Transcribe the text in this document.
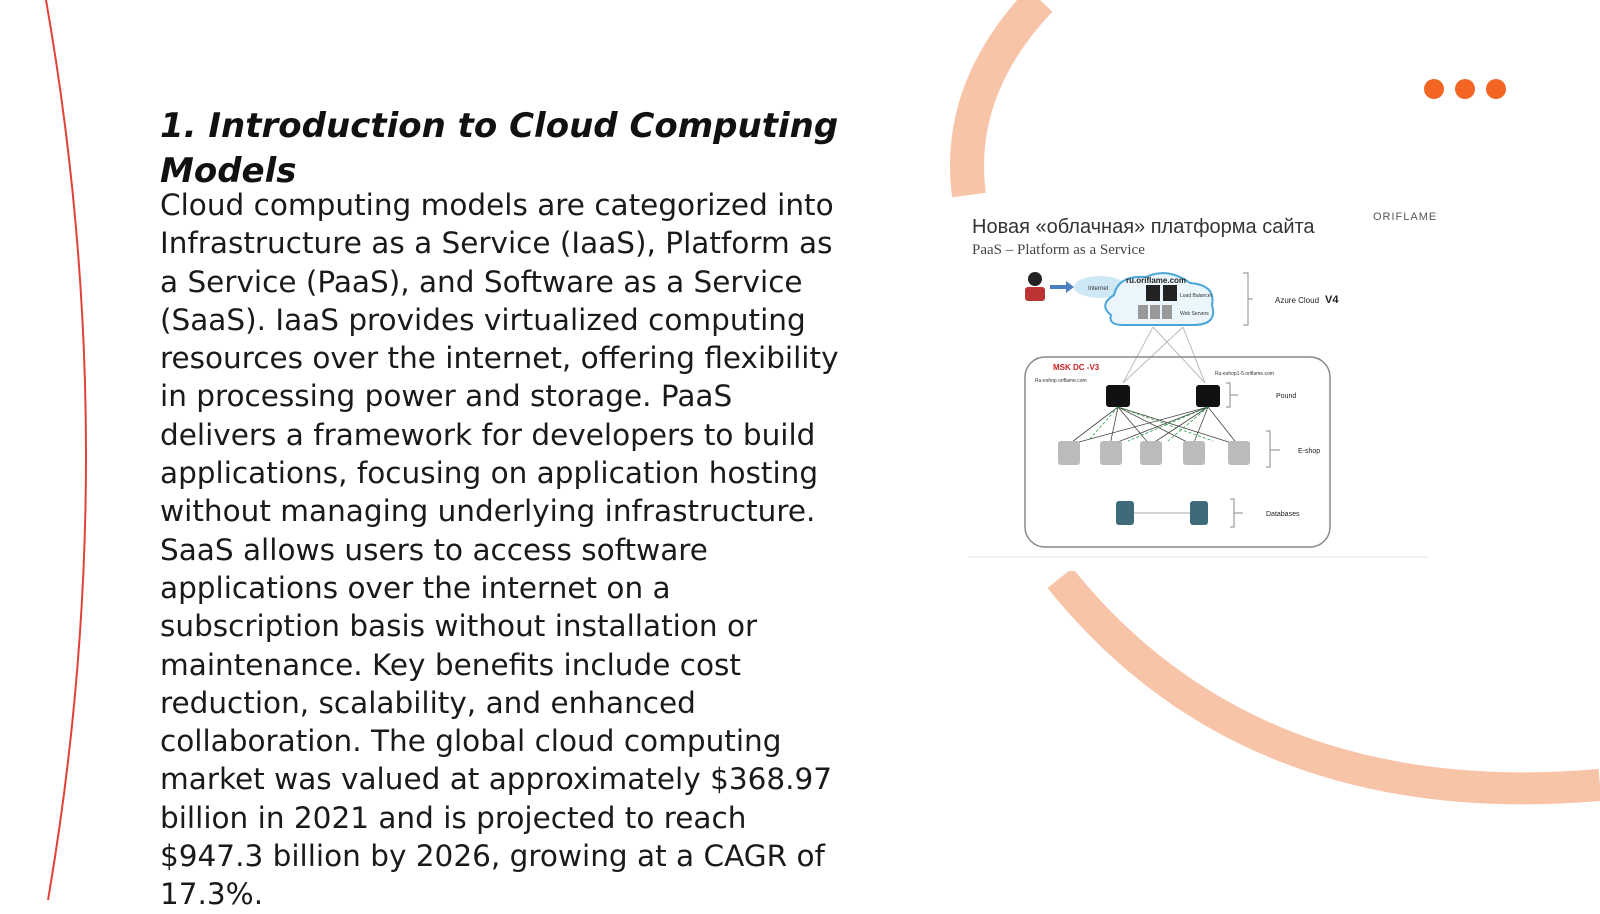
1. Introduction to Cloud Computing Models

Cloud computing models are categorized into Infrastructure as a Service (IaaS), Platform as a Service (PaaS), and Software as a Service (SaaS). IaaS provides virtualized computing resources over the internet, offering flexibility in processing power and storage. PaaS delivers a framework for developers to build applications, focusing on application hosting without managing underlying infrastructure. SaaS allows users to access software applications over the internet on a subscription basis without installation or maintenance. Key benefits include cost reduction, scalability, and enhanced collaboration. The global cloud computing market was valued at approximately $368.97 billion in 2021 and is projected to reach $947.3 billion by 2026, growing at a CAGR of 17.3%.

Новая «облачная» платформа сайта
PaaS – Platform as a Service
ORIFLAME
Internet
ru.oriflame.com
Load Balancer
Web Servers
Azure Cloud V4
MSK DC -V3
Ru-eshop.oriflame.com
Ru-eshop1-5.oriflame.com
Pound
E-shop
Databases
